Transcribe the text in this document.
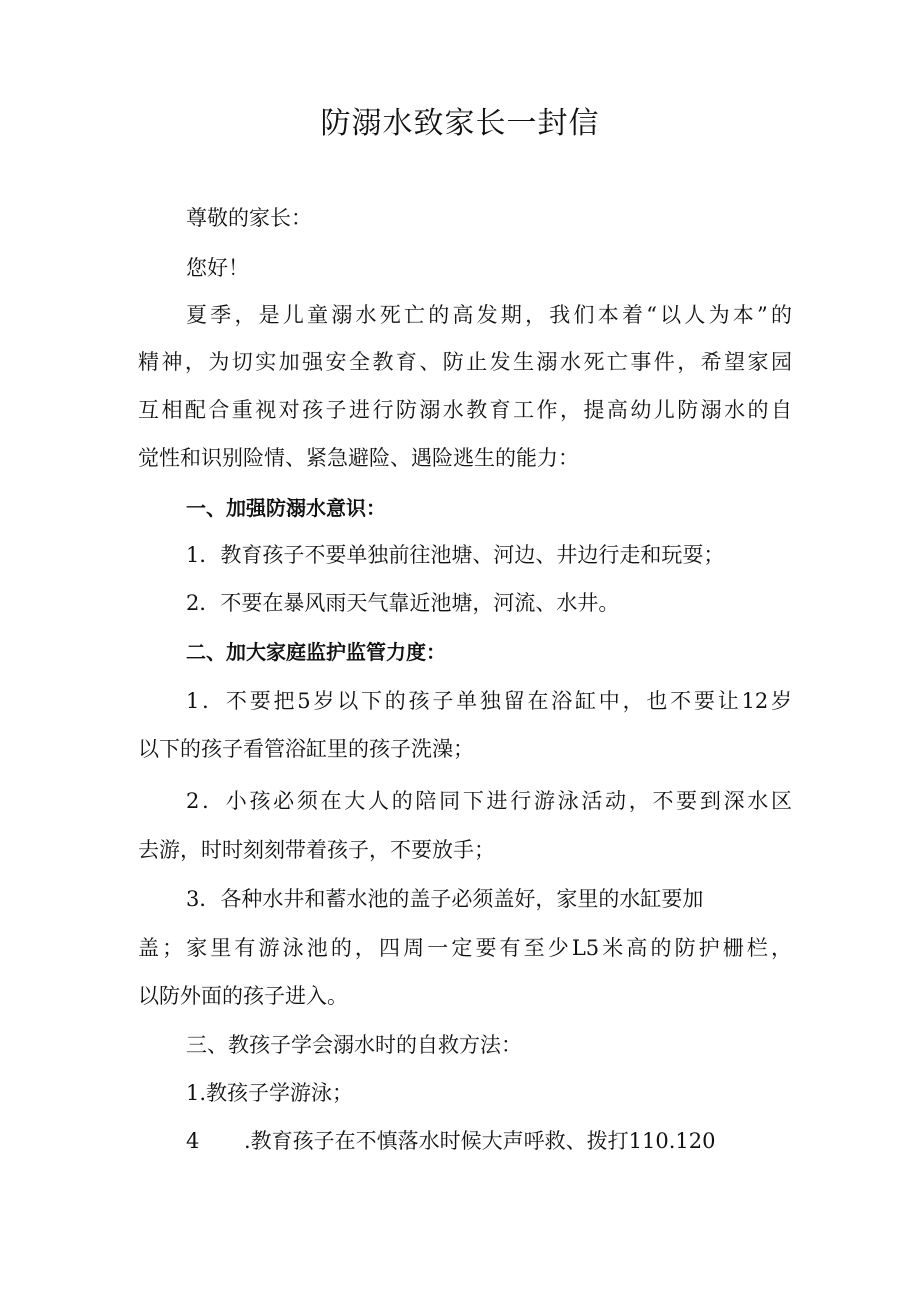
防溺水致家长一封信

尊敬的家长：

您好！

夏季，是儿童溺水死亡的高发期，我们本着“以人为本”的

精神，为切实加强安全教育、防止发生溺水死亡事件，希望家园

互相配合重视对孩子进行防溺水教育工作，提高幼儿防溺水的自

觉性和识别险情、紧急避险、遇险逃生的能力：

一、加强防溺水意识：

1．教育孩子不要单独前往池塘、河边、井边行走和玩耍；

2．不要在暴风雨天气靠近池塘，河流、水井。

二、加大家庭监护监管力度：

1．不要把5岁以下的孩子单独留在浴缸中，也不要让12岁

以下的孩子看管浴缸里的孩子洗澡；

2．小孩必须在大人的陪同下进行游泳活动，不要到深水区

去游，时时刻刻带着孩子，不要放手；

3．各种水井和蓄水池的盖子必须盖好，家里的水缸要加

盖；家里有游泳池的，四周一定要有至少L5米高的防护栅栏，

以防外面的孩子进入。

三、教孩子学会溺水时的自救方法：

1.教孩子学游泳；

4 .教育孩子在不慎落水时候大声呼救、拨打110.120
